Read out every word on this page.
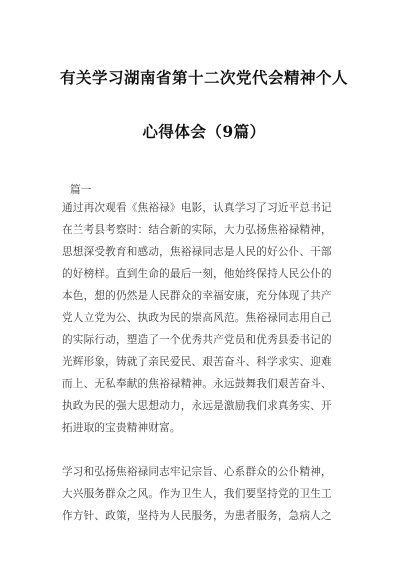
有关学习湖南省第十二次党代会精神个人
心得体会（9篇）
篇一
通过再次观看《焦裕禄》电影，认真学习了习近平总书记
在兰考县考察时：结合新的实际，大力弘扬焦裕禄精神，
思想深受教育和感动，焦裕禄同志是人民的好公仆、干部
的好榜样。直到生命的最后一刻，他始终保持人民公仆的
本色，想的仍然是人民群众的幸福安康，充分体现了共产
党人立党为公、执政为民的崇高风范。焦裕禄同志用自己
的实际行动，塑造了一个优秀共产党员和优秀县委书记的
光辉形象，铸就了亲民爱民、艰苦奋斗、科学求实、迎难
而上、无私奉献的焦裕禄精神。永远鼓舞我们艰苦奋斗、
执政为民的强大思想动力，永远是激励我们求真务实、开
拓进取的宝贵精神财富。
学习和弘扬焦裕禄同志牢记宗旨、心系群众的公仆精神，
大兴服务群众之风。作为卫生人，我们要坚持党的卫生工
作方针、政策，坚持为人民服务，为患者服务，急病人之
